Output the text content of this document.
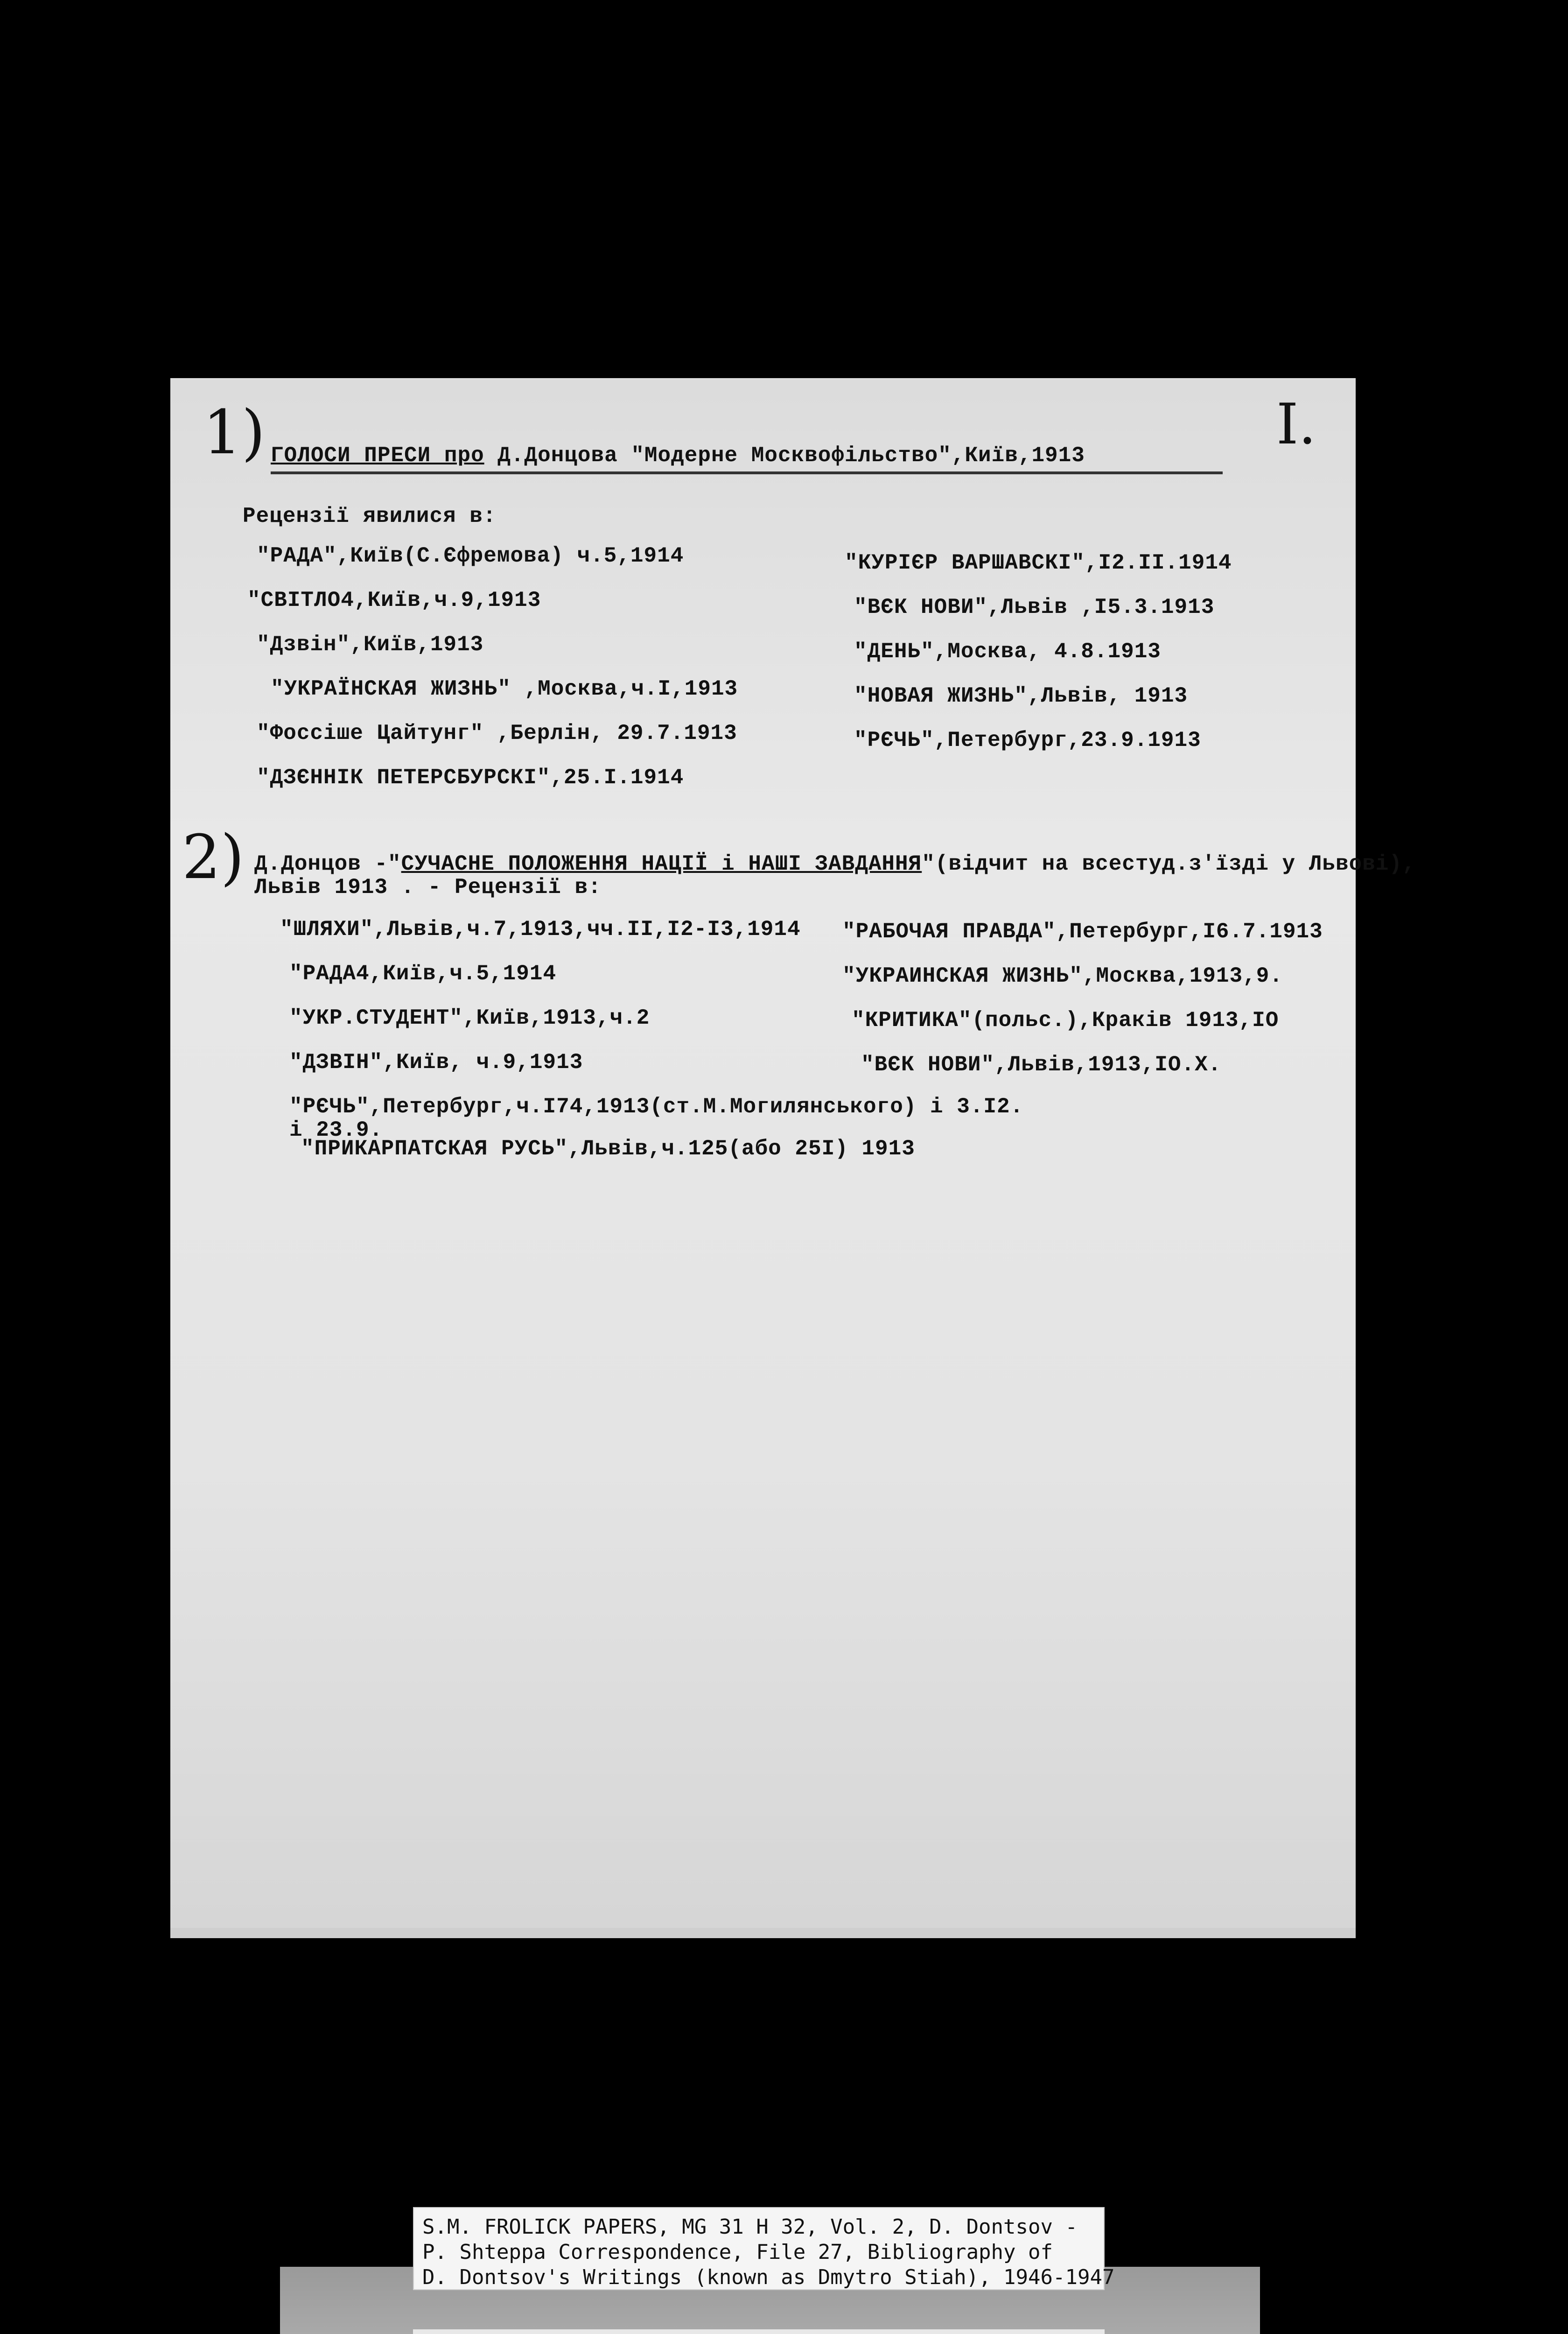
1)	I.
ГОЛОСИ ПРЕСИ про Д.Донцова "Модерне Москвофільство",Київ,1913
Рецензії явилися в:
"РАДА",Київ(С.Єфремова) ч.5,1914
"СВІТЛО4,Київ,ч.9,1913
"Дзвін",Київ,1913
"УКРАЇНСКАЯ ЖИЗНЬ" ,Москва,ч.I,1913
"Фоссіше Цайтунг" ,Берлін, 29.7.1913
"ДЗЄННІК ПЕТЕРСБУРСКІ",25.I.1914
"КУРІЄР ВАРШАВСКІ",I2.II.1914
"ВЄК НОВИ",Львів ,I5.3.1913
"ДЕНЬ",Москва, 4.8.1913
"НОВАЯ ЖИЗНЬ",Львів, 1913
"РЄЧЬ",Петербург,23.9.1913
2) Д.Донцов -"СУЧАСНЕ ПОЛОЖЕННЯ НАЦІЇ і НАШІ ЗАВДАННЯ"(відчит на всестуд.з'їзді у Львові),
Львів 1913 . - Рецензії в:
"ШЛЯХИ",Львів,ч.7,1913,чч.II,I2-I3,1914
"РАДА4,Київ,ч.5,1914
"УКР.СТУДЕНТ",Київ,1913,ч.2
"ДЗВІН",Київ, ч.9,1913
"РАБОЧАЯ ПРАВДА",Петербург,I6.7.1913
"УКРАИНСКАЯ ЖИЗНЬ",Москва,1913,9.
"КРИТИКА"(польс.),Краків 1913,IO
"ВЄК НОВИ",Львів,1913,IO.X.
"РЄЧЬ",Петербург,ч.I74,1913(ст.М.Могилянського) і 3.I2.
і 23.9.
"ПРИКАРПАТСКАЯ РУСЬ",Львів,ч.125(або 25I) 1913
S.M. FROLICK PAPERS, MG 31 H 32, Vol. 2, D. Dontsov -
P. Shteppa Correspondence, File 27, Bibliography of
D. Dontsov's Writings (known as Dmytro Stiah), 1946-1947
